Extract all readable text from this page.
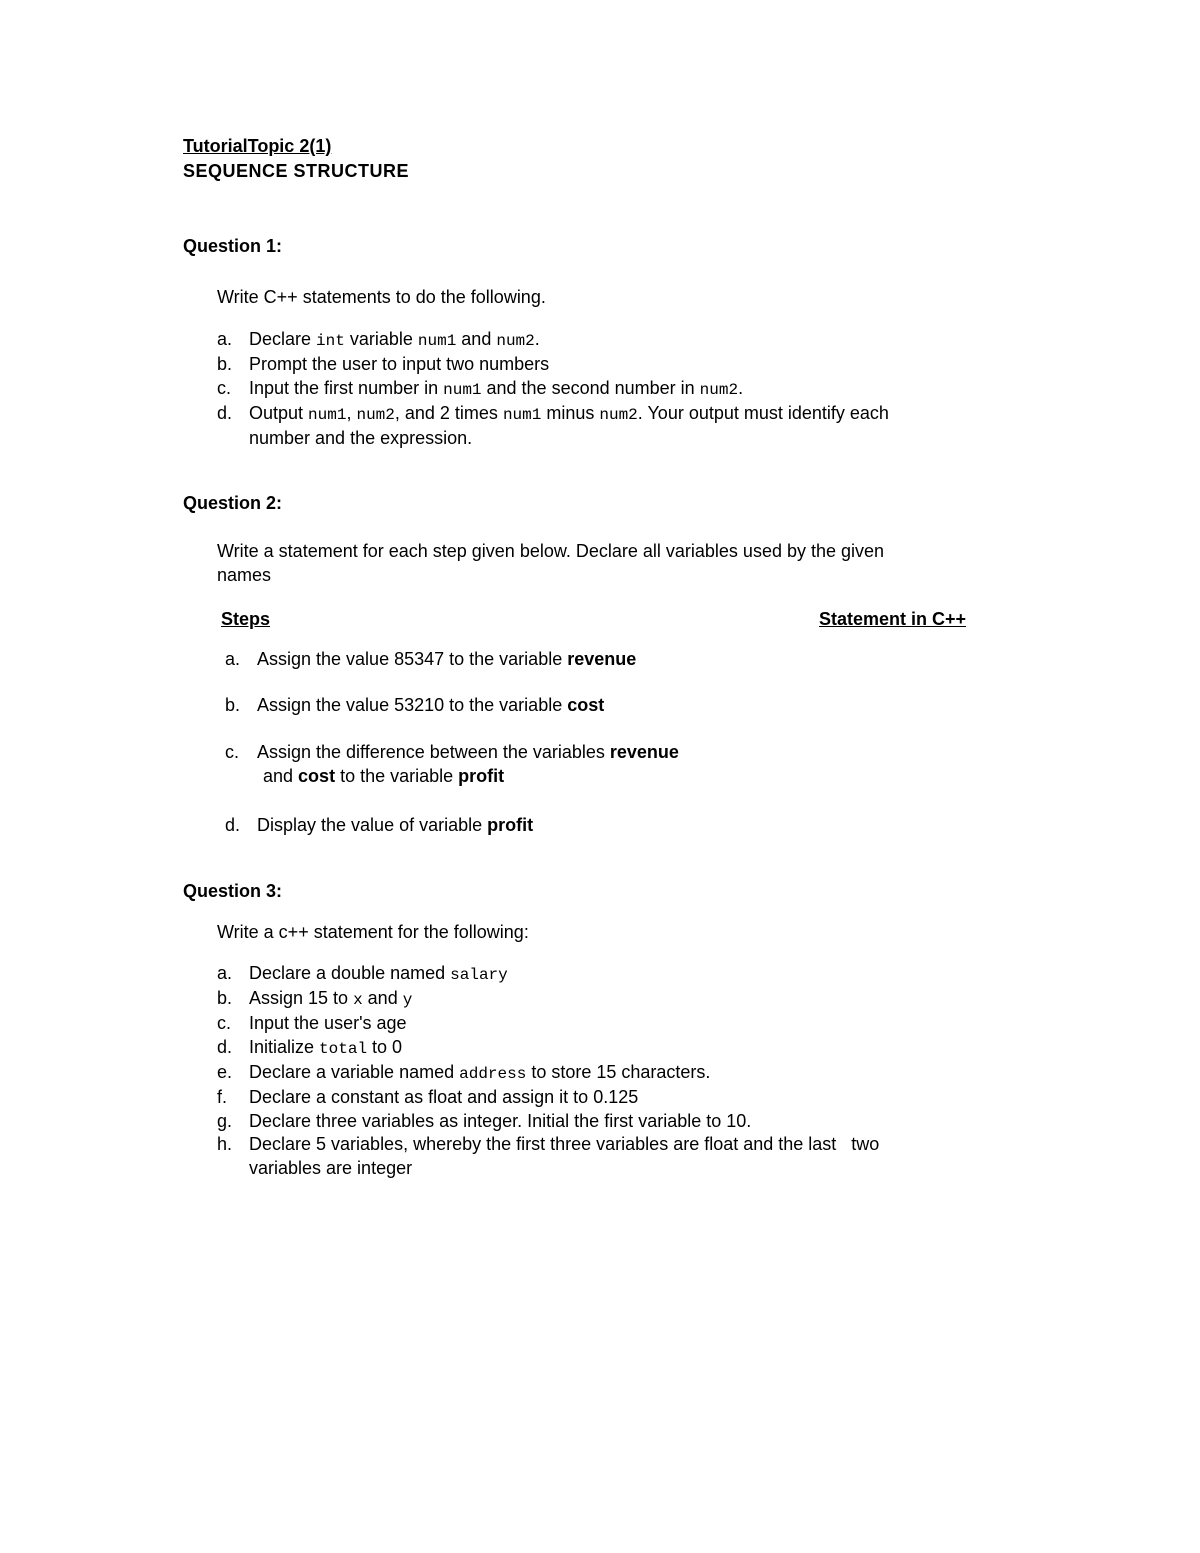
TutorialTopic 2(1)
SEQUENCE STRUCTURE
Question 1:
Write C++ statements to do the following.
a. Declare int variable num1 and num2.
b. Prompt the user to input two numbers
c. Input the first number in num1 and the second number in num2.
d. Output num1, num2, and 2 times num1 minus num2. Your output must identify each
number and the expression.
Question 2:
Write a statement for each step given below. Declare all variables used by the given
names
Steps	Statement in C++
a. Assign the value 85347 to the variable revenue
b. Assign the value 53210 to the variable cost
c. Assign the difference between the variables revenue
and cost to the variable profit
d. Display the value of variable profit
Question 3:
Write a c++ statement for the following:
a. Declare a double named salary
b. Assign 15 to x and y
c. Input the user's age
d. Initialize total to 0
e. Declare a variable named address to store 15 characters.
f. Declare a constant as float and assign it to 0.125
g. Declare three variables as integer. Initial the first variable to 10.
h. Declare 5 variables, whereby the first three variables are float and the last   two
variables are integer
